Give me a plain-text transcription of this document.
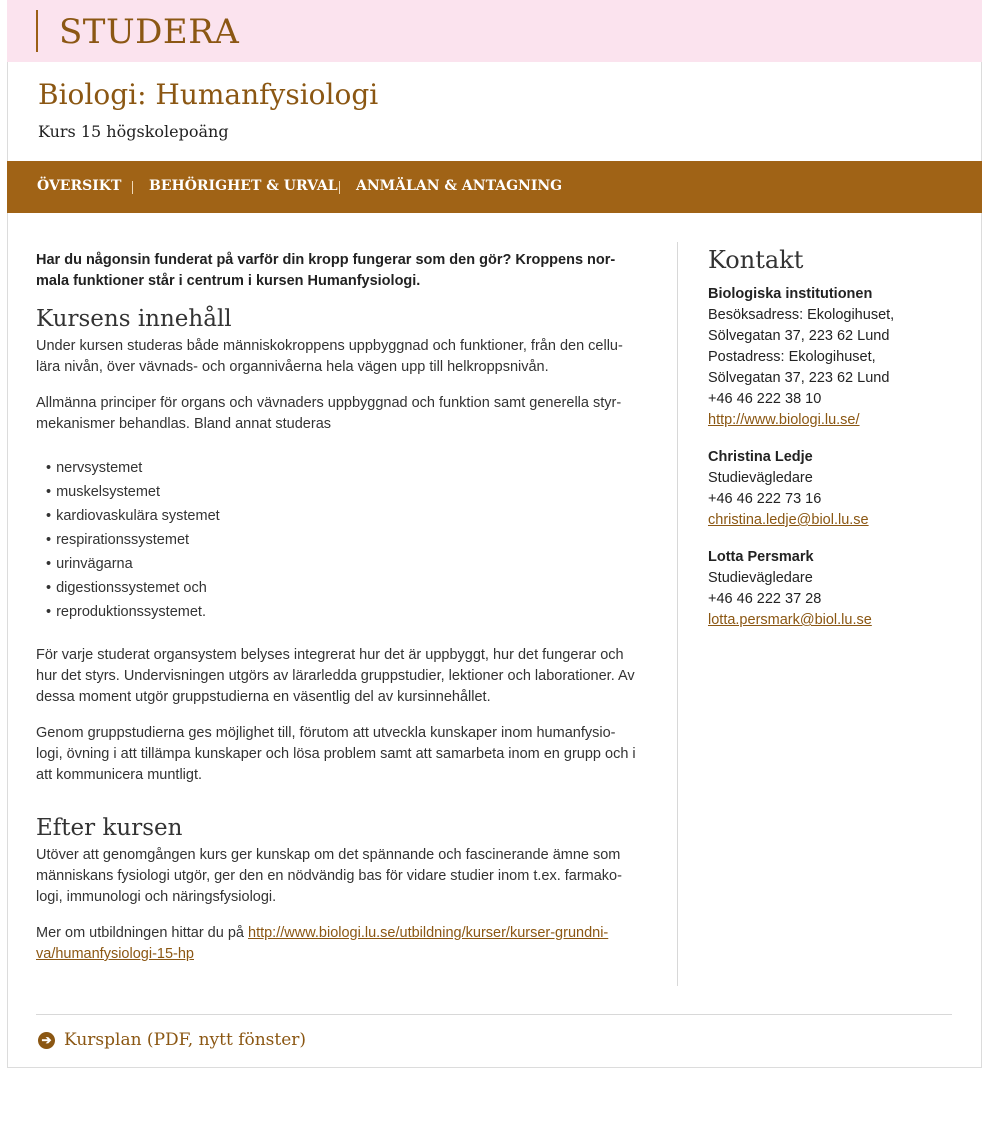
STUDERA
Biologi: Humanfysiologi
Kurs 15 högskolepoäng
ÖVERSIKT BEHÖRIGHET & URVAL ANMÄLAN & ANTAGNING

Har du någonsin funderat på varför din kropp fungerar som den gör? Kroppens nor-mala funktioner står i centrum i kursen Humanfysiologi.

Kursens innehåll

Under kursen studeras både människokroppens uppbyggnad och funktioner, från den cellu-lära nivån, över vävnads- och organnivåerna hela vägen upp till helkroppsnivån.

Allmänna principer för organs och vävnaders uppbyggnad och funktion samt generella styr-mekanismer behandlas. Bland annat studeras

• nervsystemet
• muskelsystemet
• kardiovaskulära systemet
• respirationssystemet
• urinvägarna
• digestionssystemet och
• reproduktionssystemet.

För varje studerat organsystem belyses integrerat hur det är uppbyggt, hur det fungerar och hur det styrs. Undervisningen utgörs av lärarledda gruppstudier, lektioner och laborationer. Av dessa moment utgör gruppstudierna en väsentlig del av kursinnehållet.

Genom gruppstudierna ges möjlighet till, förutom att utveckla kunskaper inom humanfysio-logi, övning i att tillämpa kunskaper och lösa problem samt att samarbeta inom en grupp och i att kommunicera muntligt.

Efter kursen

Utöver att genomgången kurs ger kunskap om det spännande och fascinerande ämne som människans fysiologi utgör, ger den en nödvändig bas för vidare studier inom t.ex. farmako-logi, immunologi och näringsfysiologi.

Mer om utbildningen hittar du på http://www.biologi.lu.se/utbildning/kurser/kurser-grundni-va/humanfysiologi-15-hp

Kontakt
Biologiska institutionen
Besöksadress: Ekologihuset,
Sölvegatan 37, 223 62 Lund
Postadress: Ekologihuset,
Sölvegatan 37, 223 62 Lund
+46 46 222 38 10
http://www.biologi.lu.se/
Christina Ledje
Studievägledare
+46 46 222 73 16
christina.ledje@biol.lu.se
Lotta Persmark
Studievägledare
+46 46 222 37 28
lotta.persmark@biol.lu.se
➔ Kursplan (PDF, nytt fönster)
